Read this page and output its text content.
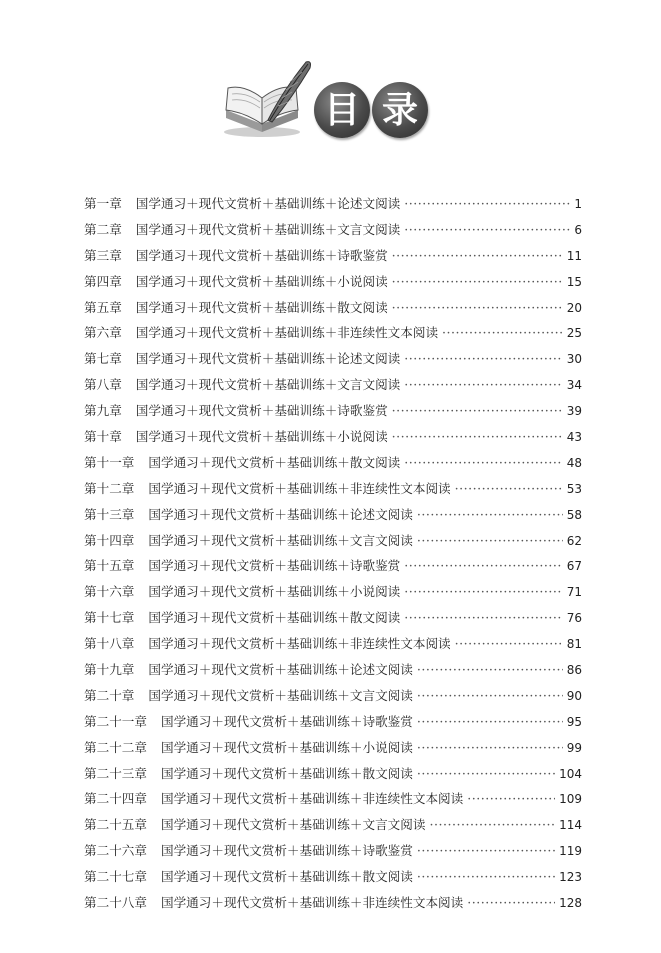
目 录
第一章 国学通习＋现代文赏析＋基础训练＋论述文阅读 ·····	1
第二章 国学通习＋现代文赏析＋基础训练＋文言文阅读 ·····	6
第三章 国学通习＋现代文赏析＋基础训练＋诗歌鉴赏 ·····	11
第四章 国学通习＋现代文赏析＋基础训练＋小说阅读 ·····	15
第五章 国学通习＋现代文赏析＋基础训练＋散文阅读 ·····	20
第六章 国学通习＋现代文赏析＋基础训练＋非连续性文本阅读 ·····	25
第七章 国学通习＋现代文赏析＋基础训练＋论述文阅读 ·····	30
第八章 国学通习＋现代文赏析＋基础训练＋文言文阅读 ·····	34
第九章 国学通习＋现代文赏析＋基础训练＋诗歌鉴赏 ·····	39
第十章 国学通习＋现代文赏析＋基础训练＋小说阅读 ·····	43
第十一章 国学通习＋现代文赏析＋基础训练＋散文阅读 ·····	48
第十二章 国学通习＋现代文赏析＋基础训练＋非连续性文本阅读 ·····	53
第十三章 国学通习＋现代文赏析＋基础训练＋论述文阅读 ·····	58
第十四章 国学通习＋现代文赏析＋基础训练＋文言文阅读 ·····	62
第十五章 国学通习＋现代文赏析＋基础训练＋诗歌鉴赏 ·····	67
第十六章 国学通习＋现代文赏析＋基础训练＋小说阅读 ·····	71
第十七章 国学通习＋现代文赏析＋基础训练＋散文阅读 ·····	76
第十八章 国学通习＋现代文赏析＋基础训练＋非连续性文本阅读 ·····	81
第十九章 国学通习＋现代文赏析＋基础训练＋论述文阅读 ·····	86
第二十章 国学通习＋现代文赏析＋基础训练＋文言文阅读 ·····	90
第二十一章 国学通习＋现代文赏析＋基础训练＋诗歌鉴赏 ·····	95
第二十二章 国学通习＋现代文赏析＋基础训练＋小说阅读 ·····	99
第二十三章 国学通习＋现代文赏析＋基础训练＋散文阅读 ·····	104
第二十四章 国学通习＋现代文赏析＋基础训练＋非连续性文本阅读 ·····	109
第二十五章 国学通习＋现代文赏析＋基础训练＋文言文阅读 ·····	114
第二十六章 国学通习＋现代文赏析＋基础训练＋诗歌鉴赏 ·····	119
第二十七章 国学通习＋现代文赏析＋基础训练＋散文阅读 ·····	123
第二十八章 国学通习＋现代文赏析＋基础训练＋非连续性文本阅读 ·····	128
